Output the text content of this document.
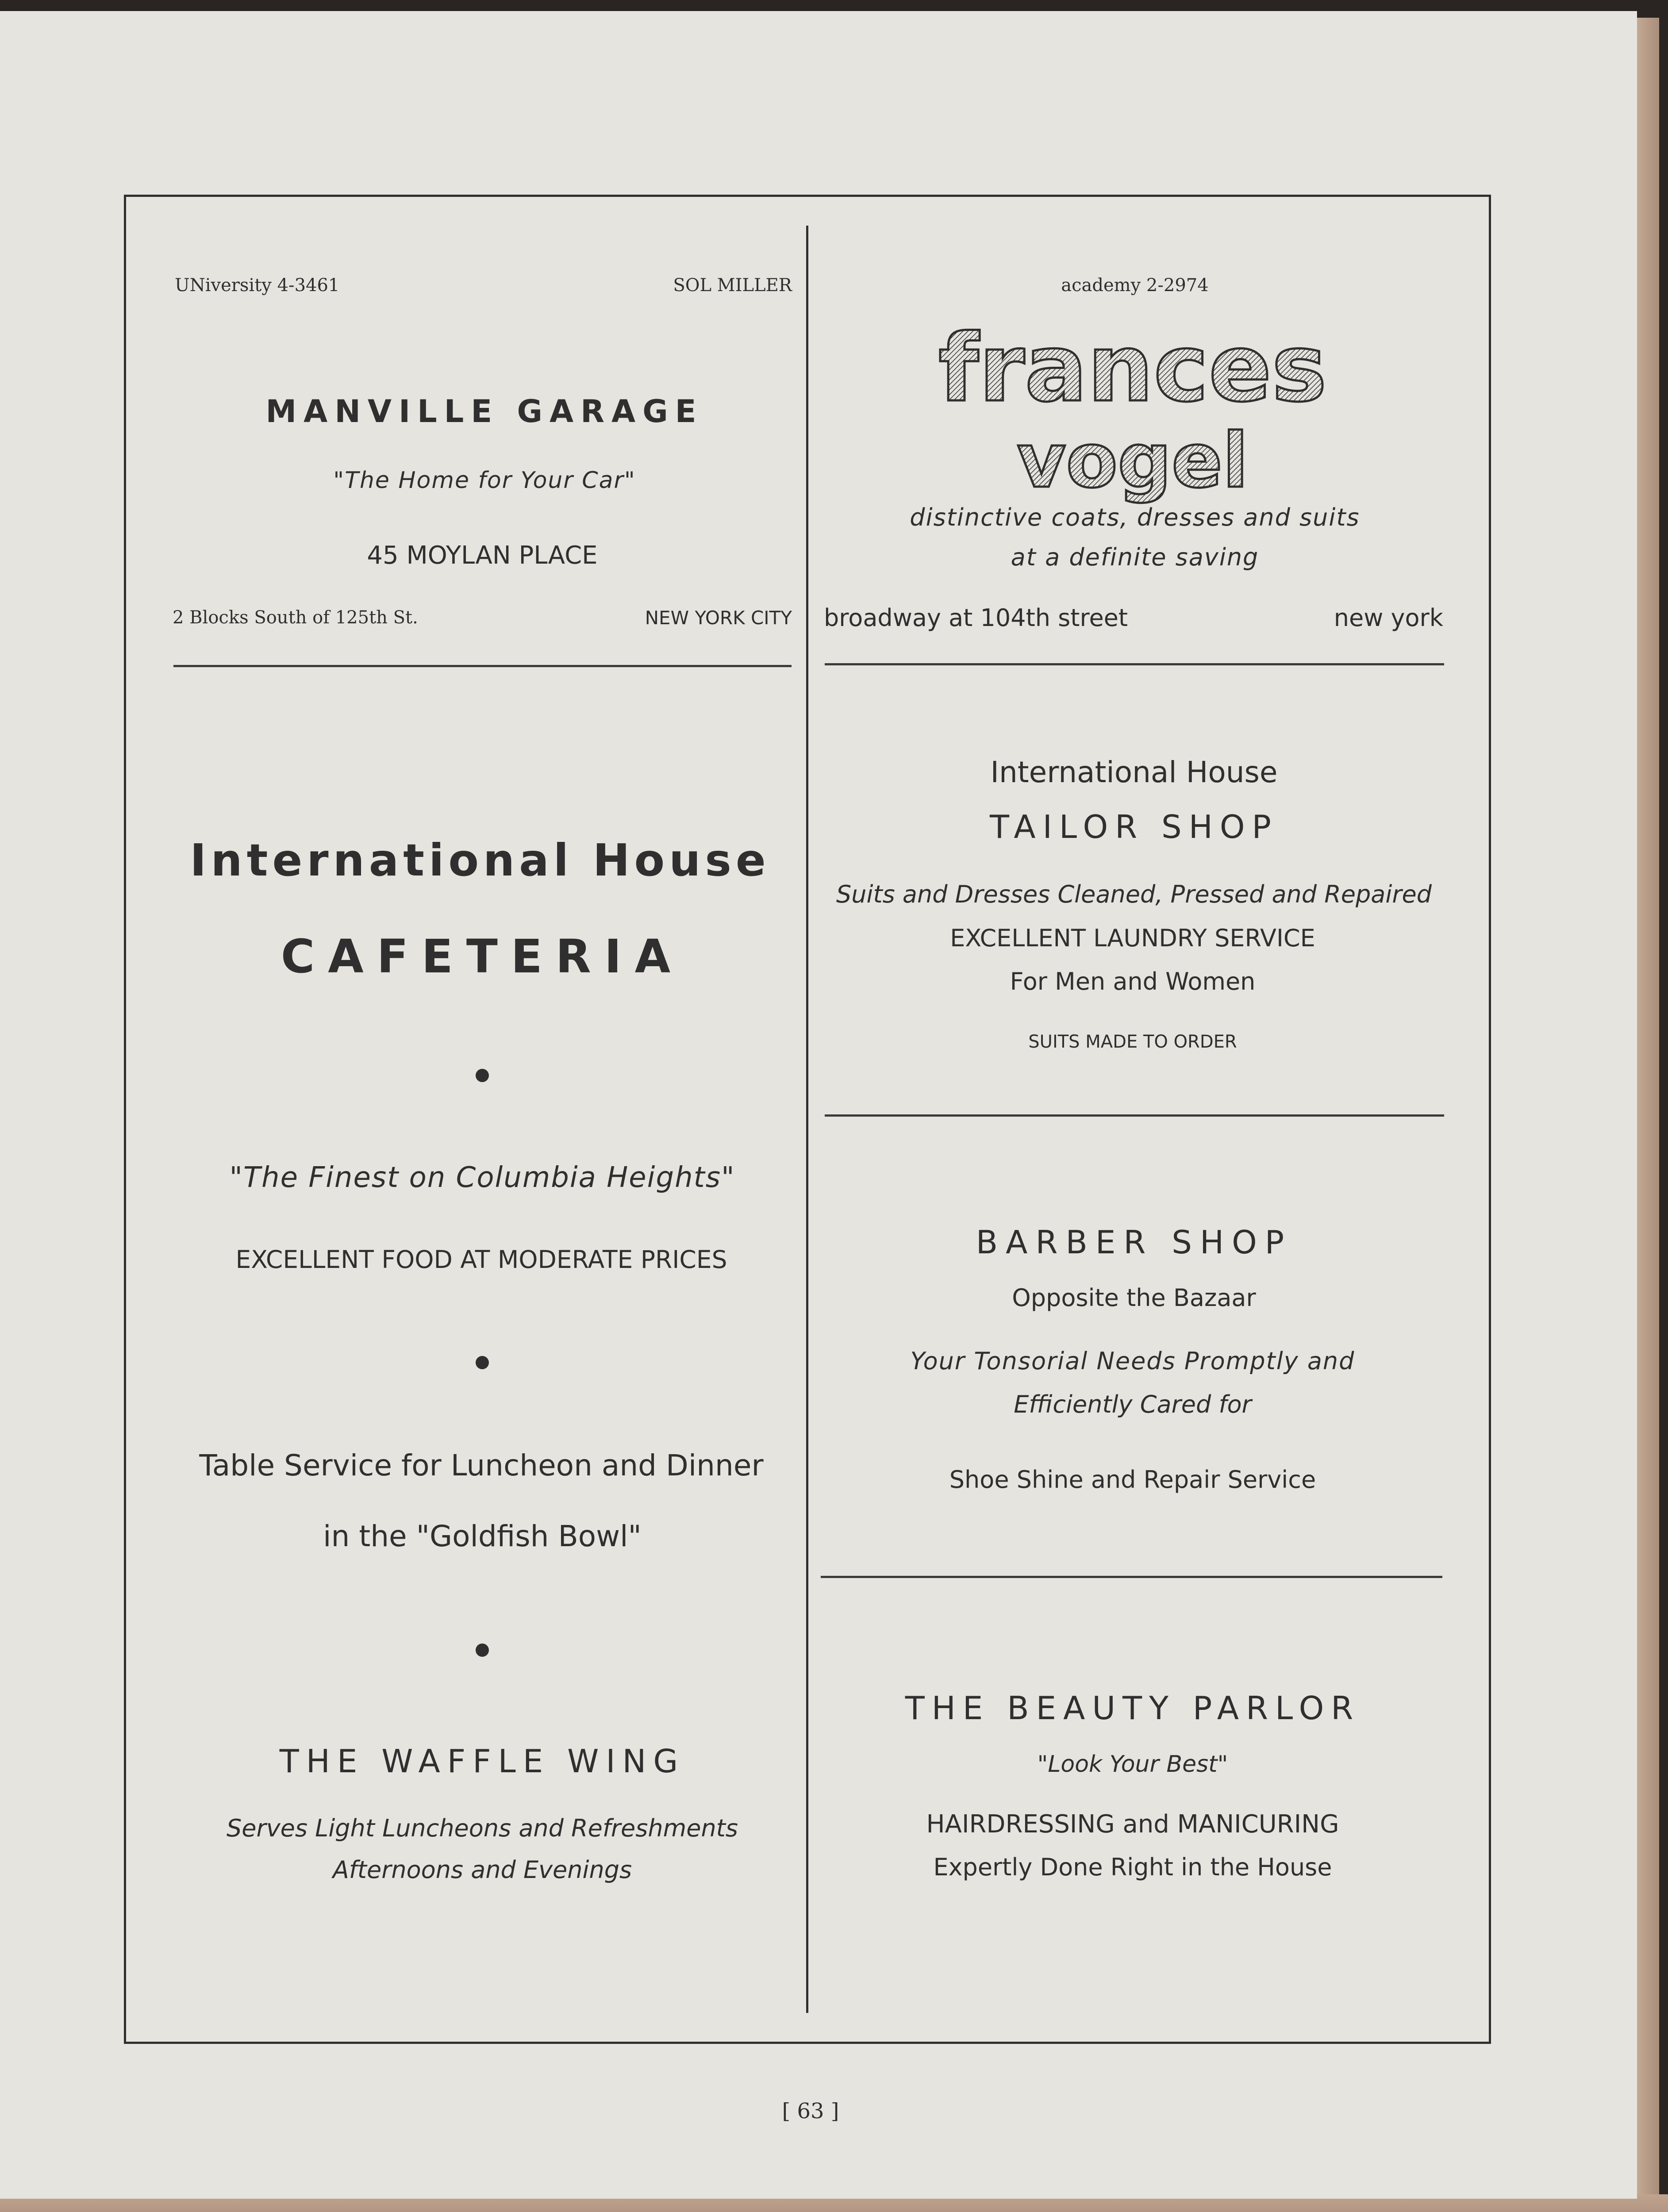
UNiversity 4-3461	SOL MILLER
MANVILLE GARAGE
"The Home for Your Car"
45 MOYLAN PLACE
2 Blocks South of 125th St.	NEW YORK CITY
International House
CAFETERIA
"The Finest on Columbia Heights"
EXCELLENT FOOD AT MODERATE PRICES
Table Service for Luncheon and Dinner
in the "Goldfish Bowl"
THE WAFFLE WING
Serves Light Luncheons and Refreshments
Afternoons and Evenings
academy 2-2974
frances
vogel
distinctive coats, dresses and suits
at a definite saving
broadway at 104th street	new york
International House
TAILOR SHOP
Suits and Dresses Cleaned, Pressed and Repaired
EXCELLENT LAUNDRY SERVICE
For Men and Women
SUITS MADE TO ORDER
BARBER SHOP
Opposite the Bazaar
Your Tonsorial Needs Promptly and
Efficiently Cared for
Shoe Shine and Repair Service
THE BEAUTY PARLOR
"Look Your Best"
HAIRDRESSING and MANICURING
Expertly Done Right in the House
[ 63 ]
